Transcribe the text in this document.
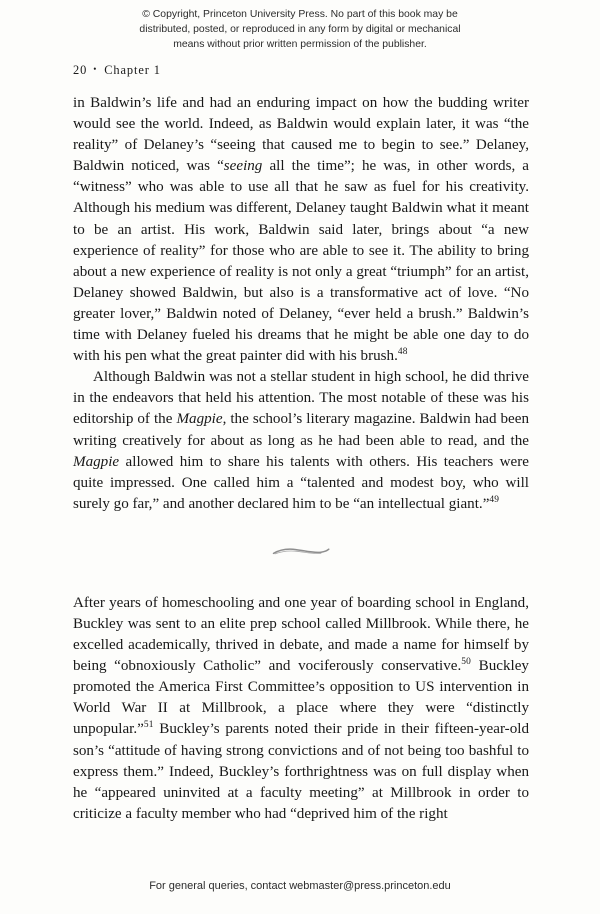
© Copyright, Princeton University Press. No part of this book may be
distributed, posted, or reproduced in any form by digital or mechanical
means without prior written permission of the publisher.
20 • Chapter 1

in Baldwin’s life and had an enduring impact on how the budding writer would see the world. Indeed, as Baldwin would explain later, it was “the reality” of Delaney’s “seeing that caused me to begin to see.” Delaney, Baldwin noticed, was “seeing all the time”; he was, in other words, a “witness” who was able to use all that he saw as fuel for his creativity. Although his medium was different, Delaney taught Baldwin what it meant to be an artist. His work, Baldwin said later, brings about “a new experience of reality” for those who are able to see it. The ability to bring about a new experience of reality is not only a great “triumph” for an artist, Delaney showed Baldwin, but also is a transformative act of love. “No greater lover,” Baldwin noted of Delaney, “ever held a brush.” Baldwin’s time with Delaney fueled his dreams that he might be able one day to do with his pen what the great painter did with his brush.$^{48}$

Although Baldwin was not a stellar student in high school, he did thrive in the endeavors that held his attention. The most notable of these was his editorship of the Magpie, the school’s literary magazine. Baldwin had been writing creatively for about as long as he had been able to read, and the Magpie allowed him to share his talents with others. His teachers were quite impressed. One called him a “talented and modest boy, who will surely go far,” and another declared him to be “an intellectual giant.”$^{49}$

After years of homeschooling and one year of boarding school in England, Buckley was sent to an elite prep school called Millbrook. While there, he excelled academically, thrived in debate, and made a name for himself by being “obnoxiously Catholic” and vociferously conservative.$^{50}$ Buckley promoted the America First Committee’s opposition to US intervention in World War II at Millbrook, a place where they were “distinctly unpopular.”$^{51}$ Buckley’s parents noted their pride in their fifteen-year-old son’s “attitude of having strong convictions and of not being too bashful to express them.” Indeed, Buckley’s forthrightness was on full display when he “appeared uninvited at a faculty meeting” at Millbrook in order to criticize a faculty member who had “deprived him of the right

For general queries, contact webmaster@press.princeton.edu
